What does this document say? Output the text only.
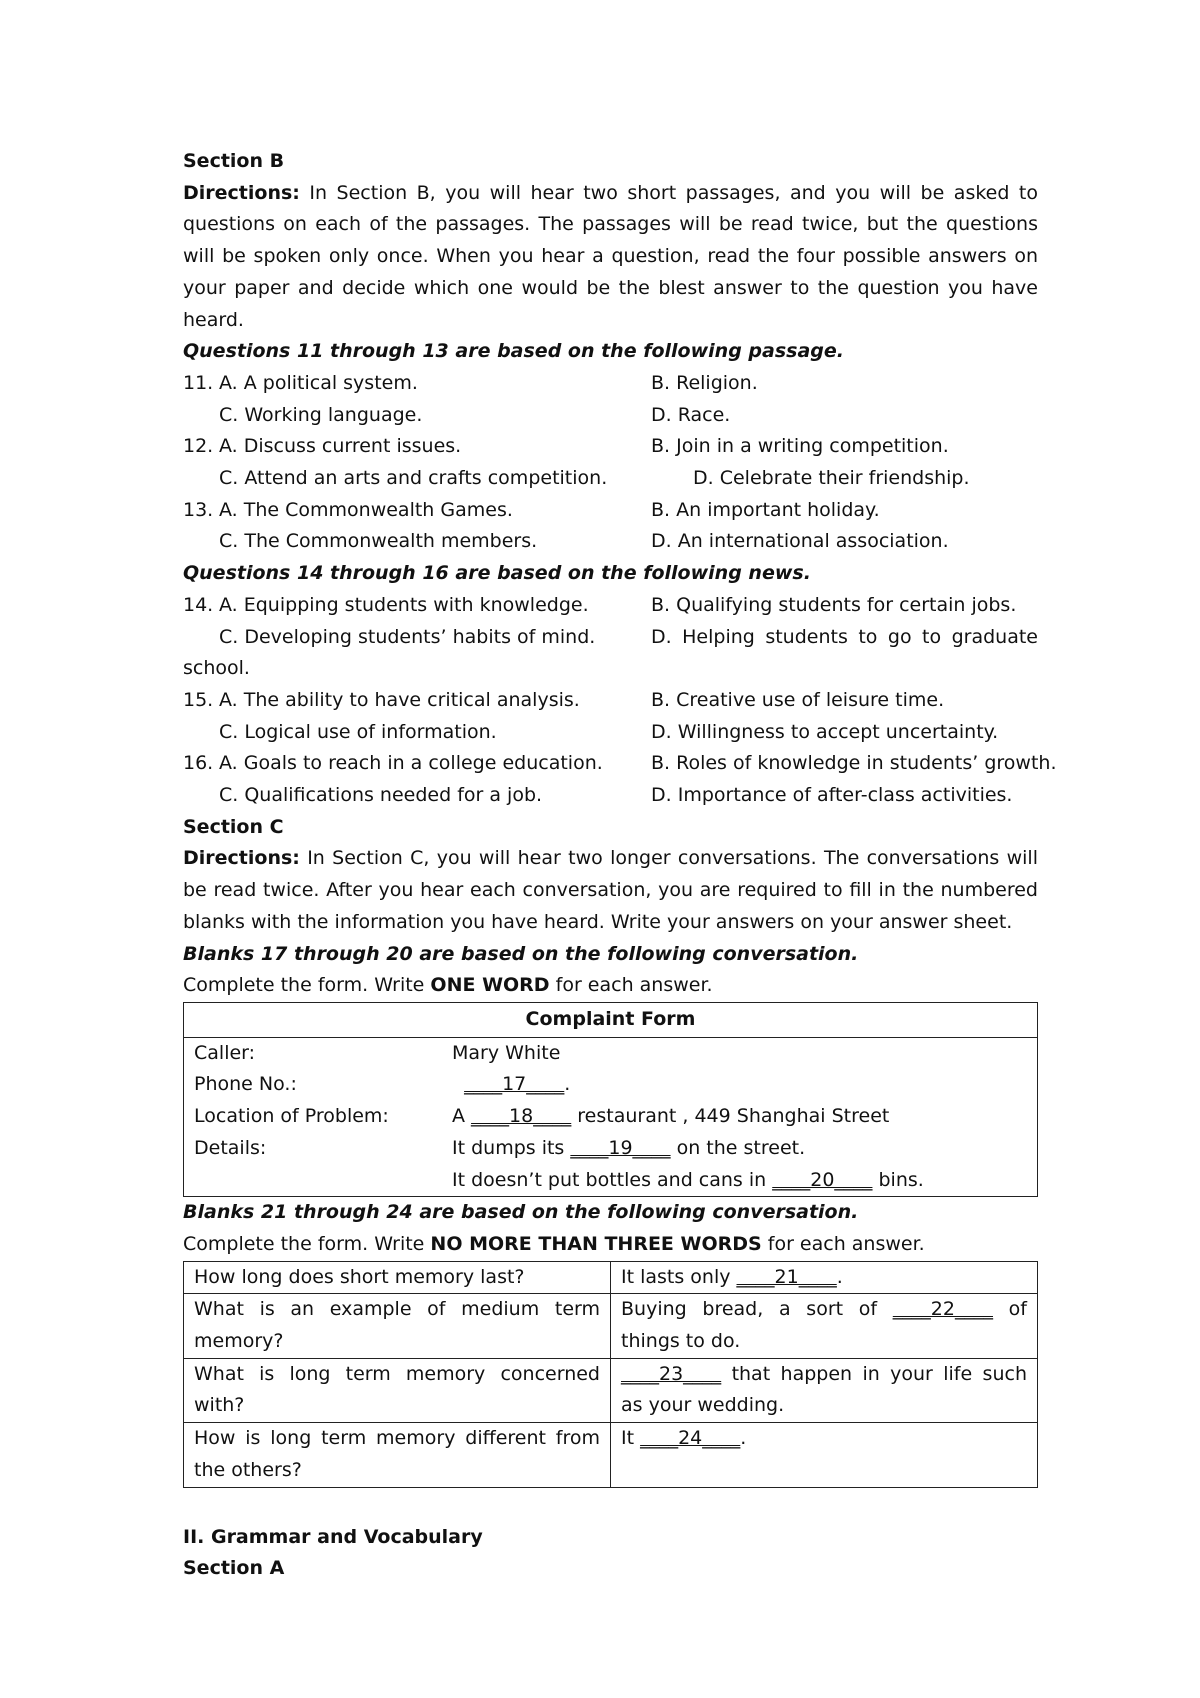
Section B
Directions: In Section B, you will hear two short passages, and you will be asked to questions on each of the passages. The passages will be read twice, but the questions will be spoken only once. When you hear a question, read the four possible answers on your paper and decide which one would be the blest answer to the question you have heard.
Questions 11 through 13 are based on the following passage.
11. A. A political system.	B. Religion.
C. Working language.	D. Race.
12. A. Discuss current issues.	B. Join in a writing competition.
C. Attend an arts and crafts competition.	D. Celebrate their friendship.
13. A. The Commonwealth Games.	B. An important holiday.
C. The Commonwealth members.	D. An international association.
Questions 14 through 16 are based on the following news.
14. A. Equipping students with knowledge.	B. Qualifying students for certain jobs.
C. Developing students’ habits of mind.	D. Helping students to go to graduate
school.
15. A. The ability to have critical analysis.	B. Creative use of leisure time.
C. Logical use of information.	D. Willingness to accept uncertainty.
16. A. Goals to reach in a college education.	B. Roles of knowledge in students’ growth.
C. Qualifications needed for a job.	D. Importance of after-class activities.
Section C
Directions: In Section C, you will hear two longer conversations. The conversations will be read twice. After you hear each conversation, you are required to fill in the numbered blanks with the information you have heard. Write your answers on your answer sheet.
Blanks 17 through 20 are based on the following conversation.
Complete the form. Write ONE WORD for each answer.
Complaint Form	
Caller:	Mary White
Phone No.:	____17____.
Location of Problem:	A ____18____ restaurant , 449 Shanghai Street
Details:	It dumps its ____19____ on the street.
	It doesn’t put bottles and cans in ____20____ bins.
Blanks 21 through 24 are based on the following conversation.
Complete the form. Write NO MORE THAN THREE WORDS for each answer.
How long does short memory last?	It lasts only ____21____.
What is an example of medium term memory?	Buying bread, a sort of ____22____ of things to do.
What is long term memory concerned with?	____23____ that happen in your life such as your wedding.
How is long term memory different from the others?	It ____24____.
II. Grammar and Vocabulary
Section A
